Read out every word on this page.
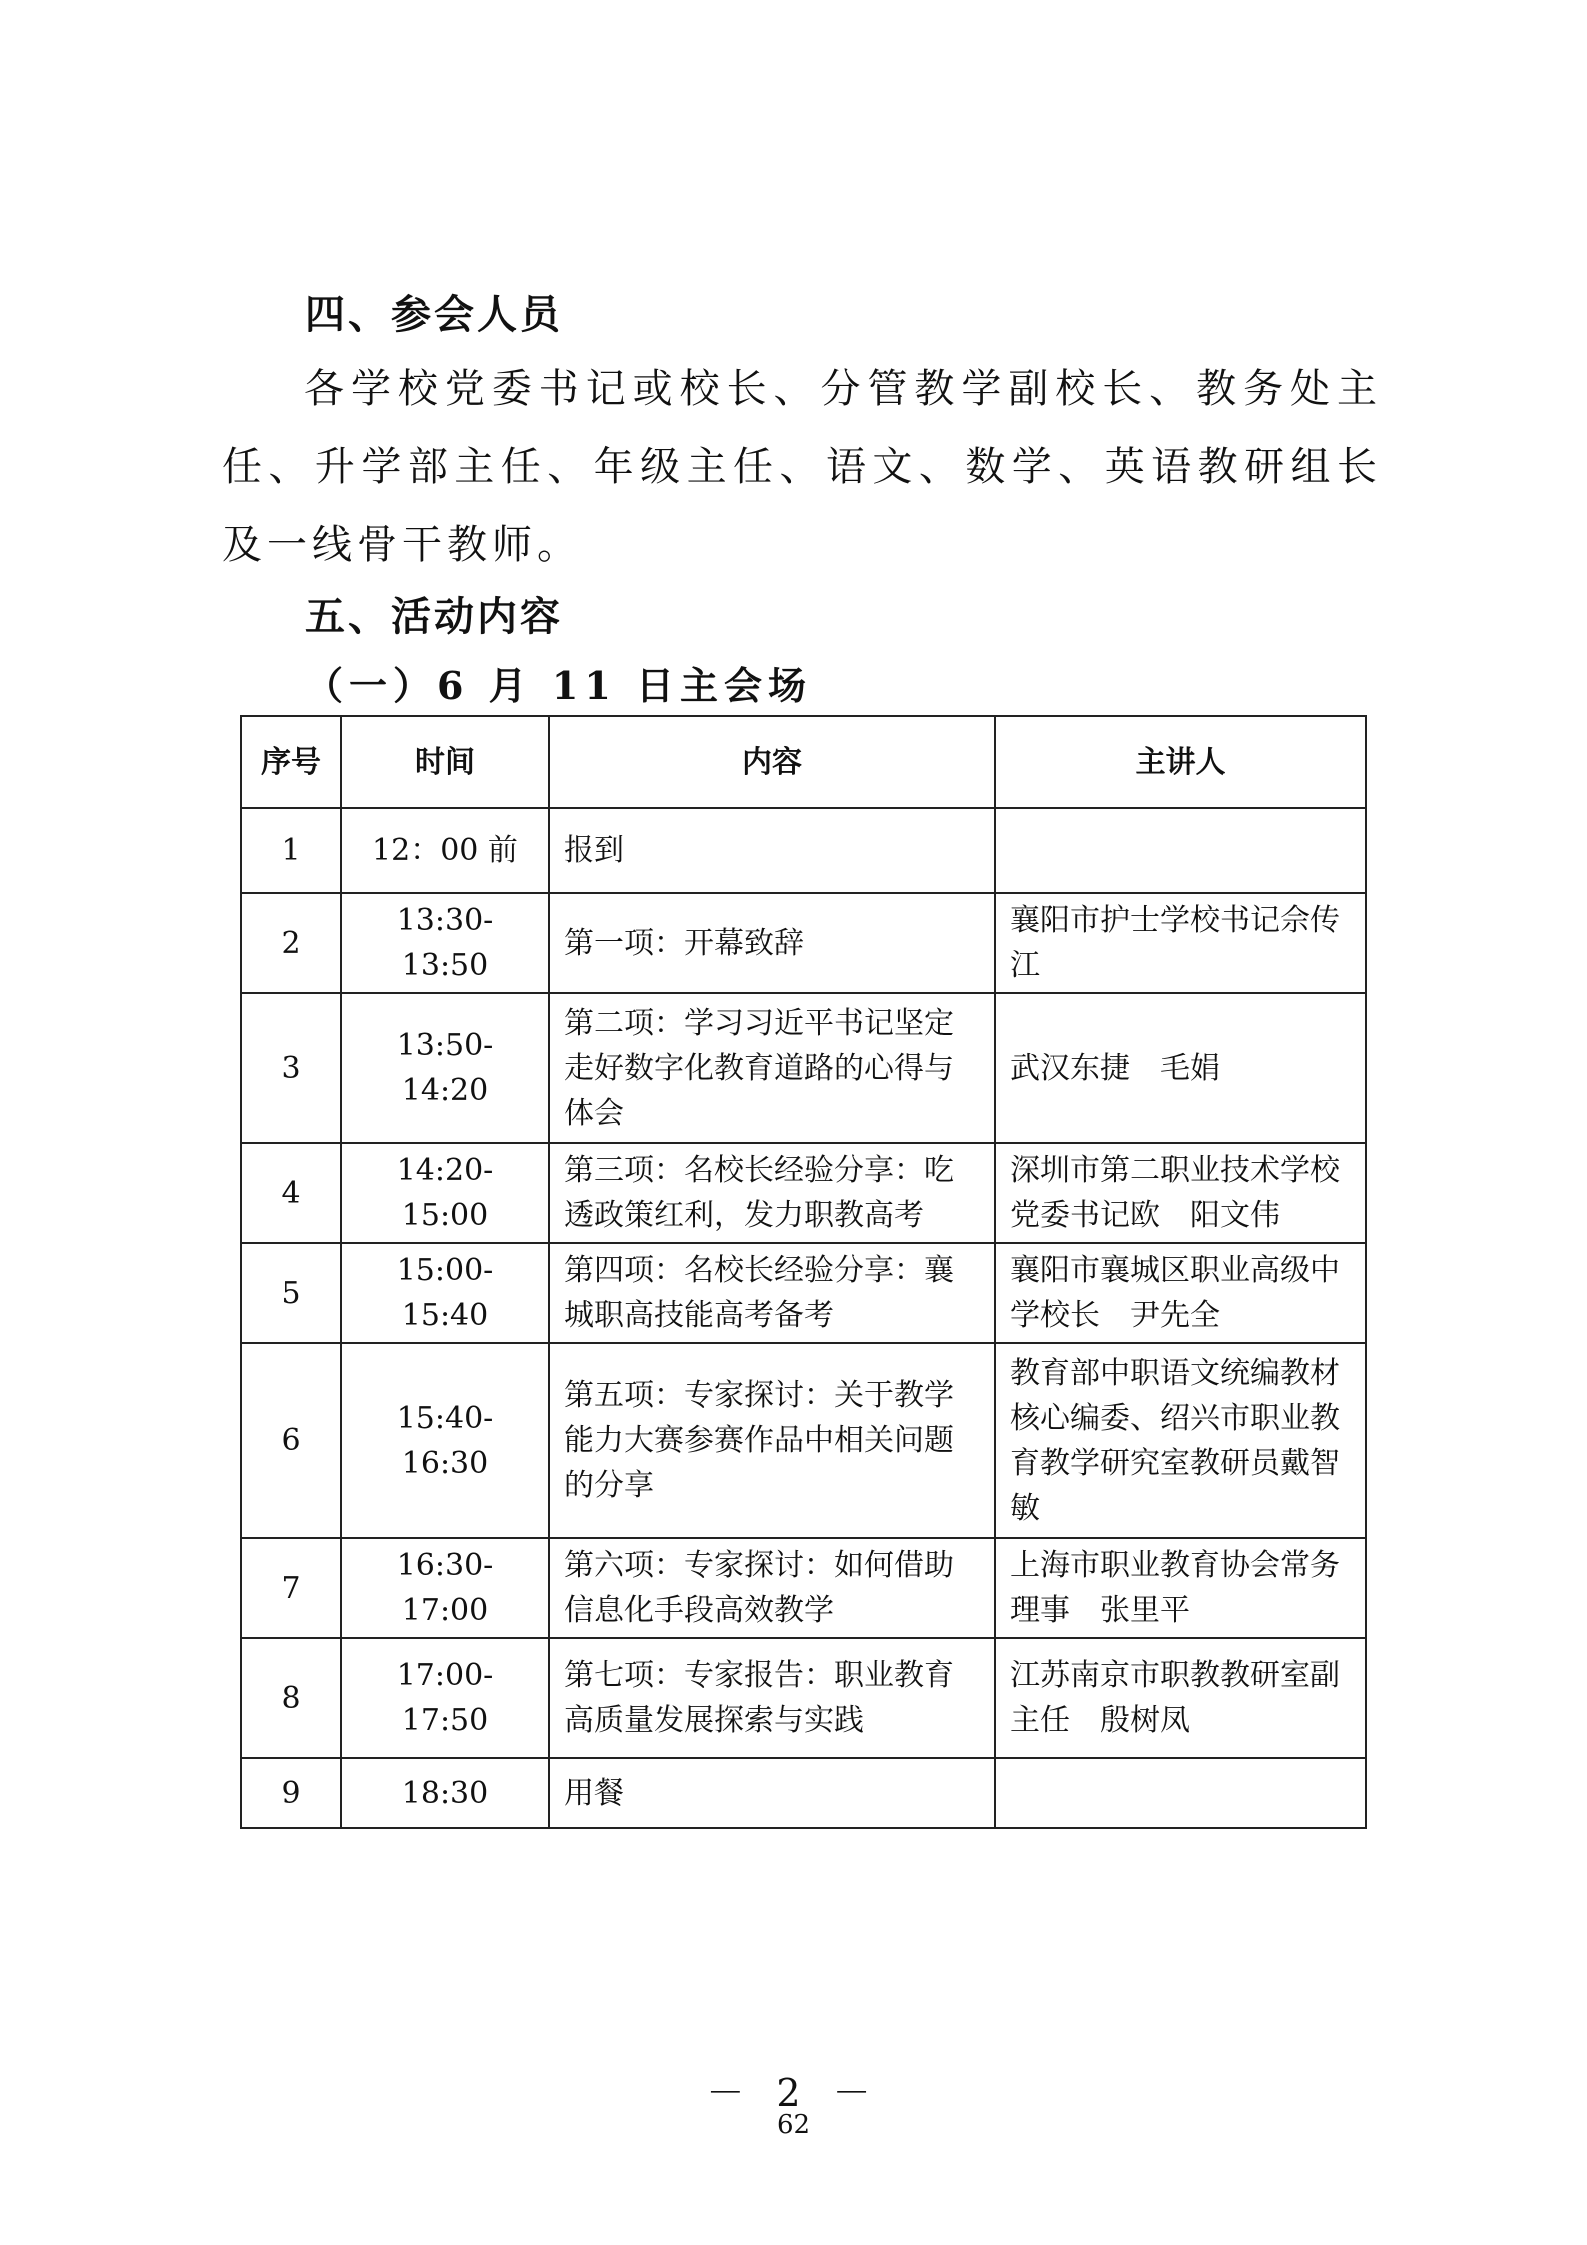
四、参会人员

各学校党委书记或校长、分管教学副校长、教务处主任、升学部主任、年级主任、语文、数学、英语教研组长及一线骨干教师。

五、活动内容
（一）6 月 11 日主会场
序号	时间	内容	主讲人
1	12：00 前	报到	
2	13:30-13:50	第一项：开幕致辞	襄阳市护士学校书记佘传江
3	13:50-14:20	第二项：学习习近平书记坚定走好数字化教育道路的心得与体会	武汉东捷　毛娟
4	14:20-15:00	第三项：名校长经验分享：吃透政策红利，发力职教高考	深圳市第二职业技术学校党委书记欧　阳文伟
5	15:00-15:40	第四项：名校长经验分享：襄城职高技能高考备考	襄阳市襄城区职业高级中学校长　尹先全
6	15:40-16:30	第五项：专家探讨：关于教学能力大赛参赛作品中相关问题的分享	教育部中职语文统编教材核心编委、绍兴市职业教育教学研究室教研员戴智敏
7	16:30-17:00	第六项：专家探讨：如何借助信息化手段高效教学	上海市职业教育协会常务理事　张里平
8	17:00-17:50	第七项：专家报告：职业教育高质量发展探索与实践	江苏南京市职教教研室副主任　殷树凤
9	18:30	用餐	
－ 2 －
62
